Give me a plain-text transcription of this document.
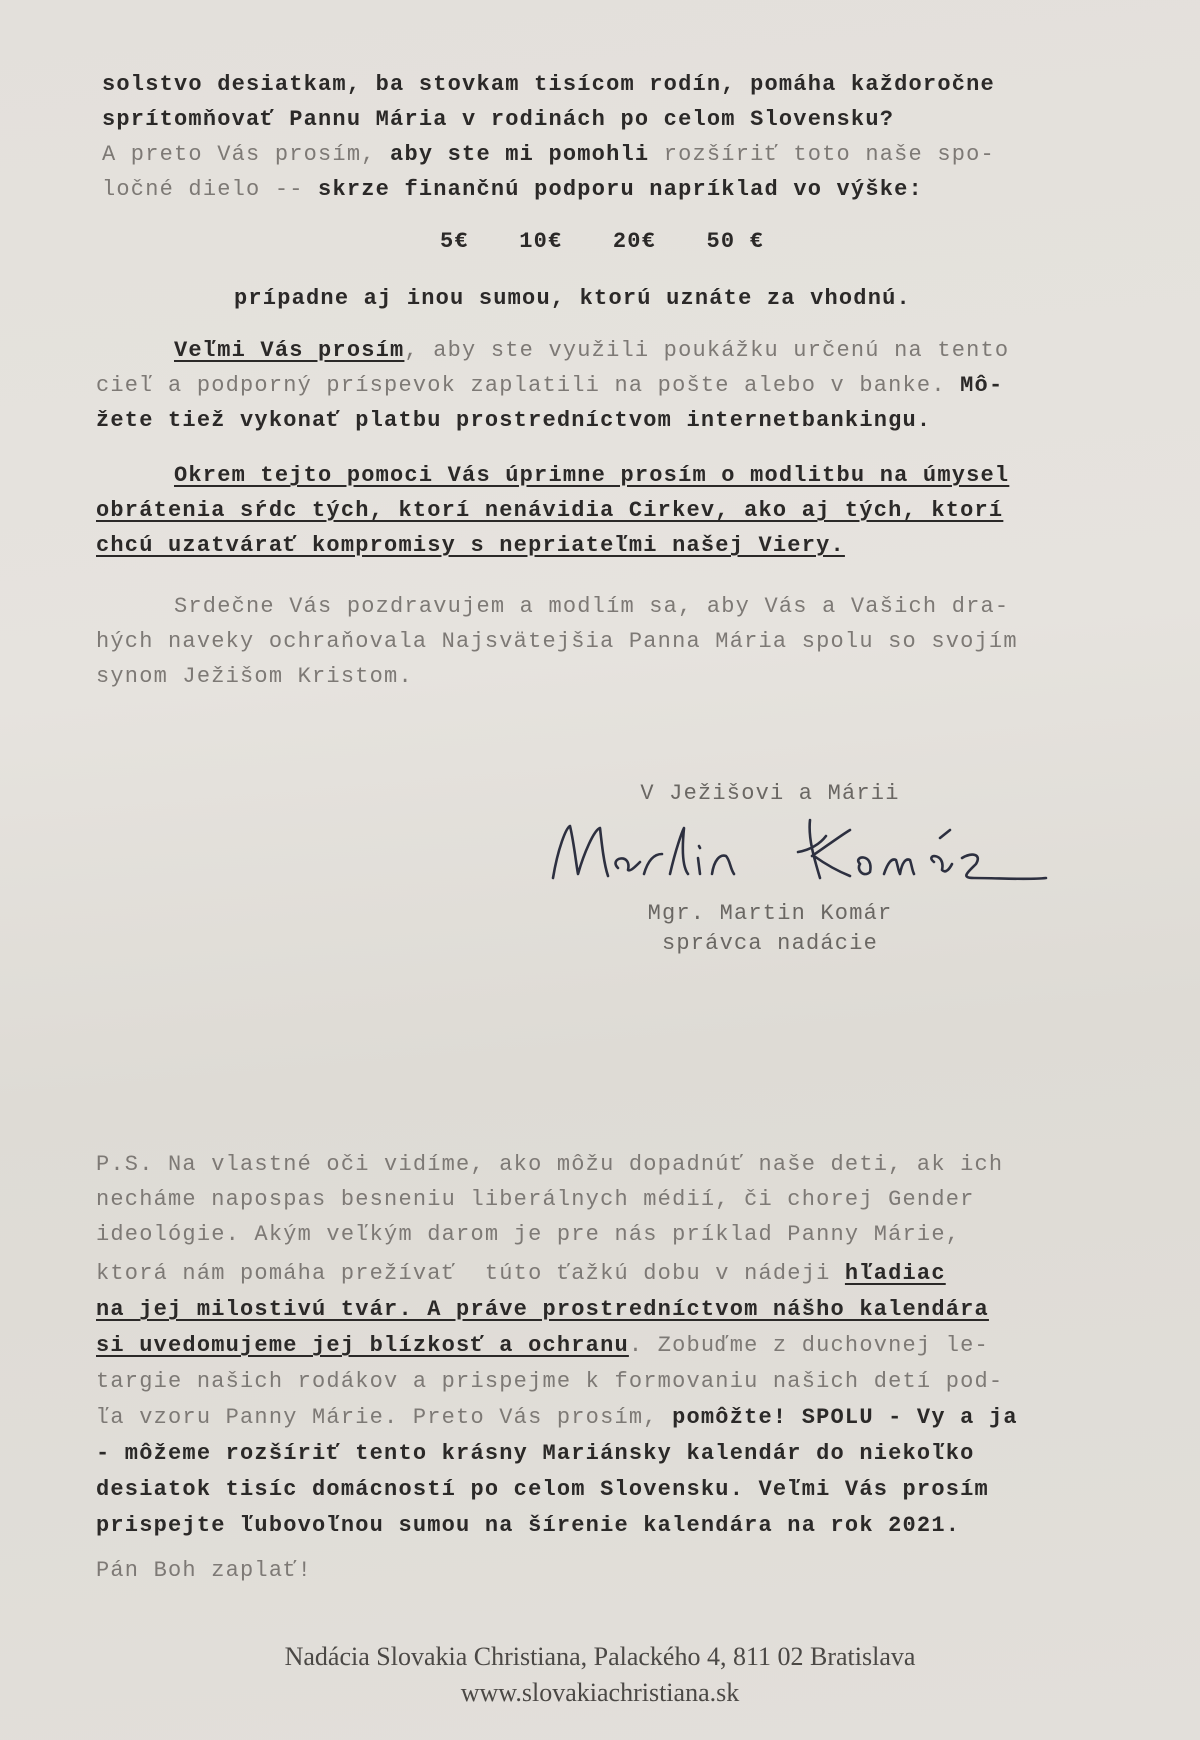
solstvo desiatkam, ba stovkam tisícom rodín, pomáha každoročne
sprítomňovať Pannu Mária v rodinách po celom Slovensku?
A preto Vás prosím, aby ste mi pomohli rozšíriť toto naše spo-
ločné dielo -- skrze finančnú podporu napríklad vo výške:
5€ 10€ 20€ 50 €
prípadne aj inou sumou, ktorú uznáte za vhodnú.
Veľmi Vás prosím, aby ste využili poukážku určenú na tento
cieľ a podporný príspevok zaplatili na pošte alebo v banke. Mô-
žete tiež vykonať platbu prostredníctvom internetbankingu.
Okrem tejto pomoci Vás úprimne prosím o modlitbu na úmysel
obrátenia sŕdc tých, ktorí nenávidia Cirkev, ako aj tých, ktorí
chcú uzatvárať kompromisy s nepriateľmi našej Viery.
Srdečne Vás pozdravujem a modlím sa, aby Vás a Vašich dra-
hých naveky ochraňovala Najsvätejšia Panna Mária spolu so svojím
synom Ježišom Kristom.
V Ježišovi a Márii
Mgr. Martin Komár
správca nadácie
P.S. Na vlastné oči vidíme, ako môžu dopadnúť naše deti, ak ich
necháme napospas besneniu liberálnych médií, či chorej Gender
ideológie. Akým veľkým darom je pre nás príklad Panny Márie,
ktorá nám pomáha prežívať  túto ťažkú dobu v nádeji hľadiac
na jej milostivú tvár. A práve prostredníctvom nášho kalendára
si uvedomujeme jej blízkosť a ochranu. Zobuďme z duchovnej le-
targie našich rodákov a prispejme k formovaniu našich detí pod-
ľa vzoru Panny Márie. Preto Vás prosím, pomôžte! SPOLU - Vy a ja
- môžeme rozšíriť tento krásny Mariánsky kalendár do niekoľko
desiatok tisíc domácností po celom Slovensku. Veľmi Vás prosím
prispejte ľubovoľnou sumou na šírenie kalendára na rok 2021.
Pán Boh zaplať!
Nadácia Slovakia Christiana, Palackého 4, 811 02 Bratislava
www.slovakiachristiana.sk
